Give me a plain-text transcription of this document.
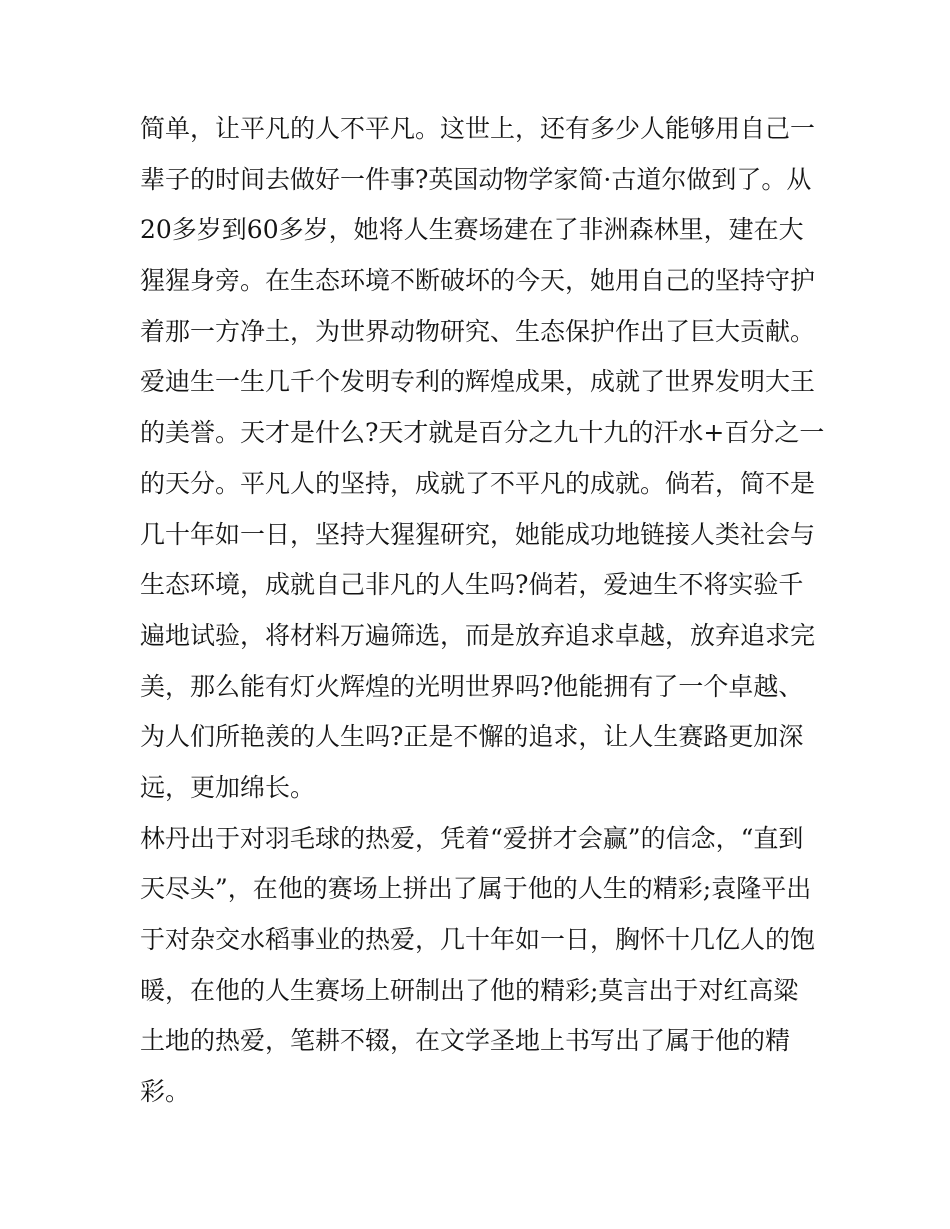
简单，让平凡的人不平凡。这世上，还有多少人能够用自己一
辈子的时间去做好一件事?英国动物学家简·古道尔做到了。从
20多岁到60多岁，她将人生赛场建在了非洲森林里，建在大
猩猩身旁。在生态环境不断破坏的今天，她用自己的坚持守护
着那一方净土，为世界动物研究、生态保护作出了巨大贡献。
爱迪生一生几千个发明专利的辉煌成果，成就了世界发明大王
的美誉。天才是什么?天才就是百分之九十九的汗水+百分之一
的天分。平凡人的坚持，成就了不平凡的成就。倘若，简不是
几十年如一日，坚持大猩猩研究，她能成功地链接人类社会与
生态环境，成就自己非凡的人生吗?倘若，爱迪生不将实验千
遍地试验，将材料万遍筛选，而是放弃追求卓越，放弃追求完
美，那么能有灯火辉煌的光明世界吗?他能拥有了一个卓越、
为人们所艳羡的人生吗?正是不懈的追求，让人生赛路更加深
远，更加绵长。
林丹出于对羽毛球的热爱，凭着“爱拼才会赢”的信念，“直到
天尽头”，在他的赛场上拼出了属于他的人生的精彩;袁隆平出
于对杂交水稻事业的热爱，几十年如一日，胸怀十几亿人的饱
暖，在他的人生赛场上研制出了他的精彩;莫言出于对红高粱
土地的热爱，笔耕不辍，在文学圣地上书写出了属于他的精
彩。
